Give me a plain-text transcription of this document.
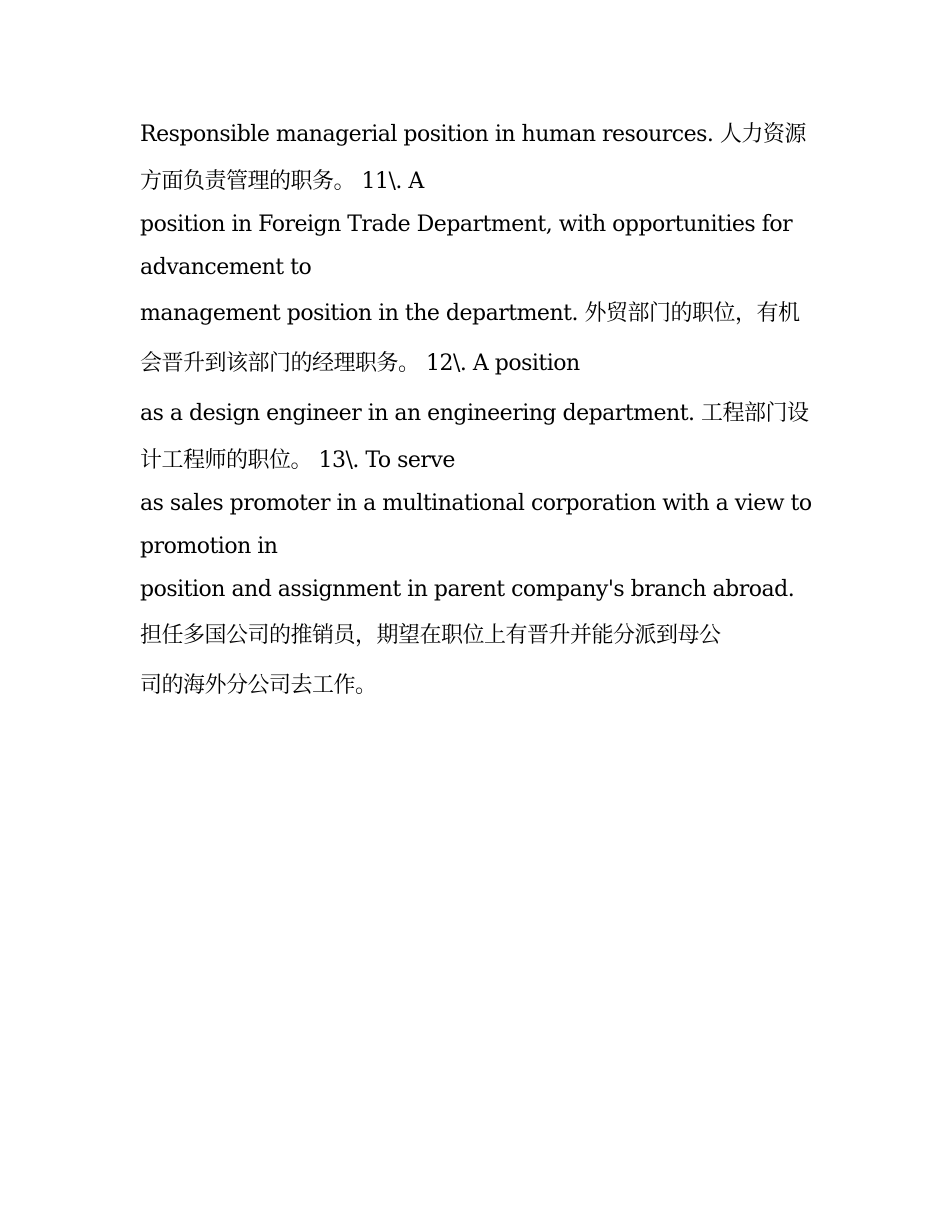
Responsible managerial position in human resources. 人力资源
方面负责管理的职务。 11\. A
position in Foreign Trade Department, with opportunities for
advancement to
management position in the department. 外贸部门的职位，有机
会晋升到该部门的经理职务。 12\. A position
as a design engineer in an engineering department. 工程部门设
计工程师的职位。 13\. To serve
as sales promoter in a multinational corporation with a view to
promotion in
position and assignment in parent company's branch abroad.
担任多国公司的推销员，期望在职位上有晋升并能分派到母公
司的海外分公司去工作。
